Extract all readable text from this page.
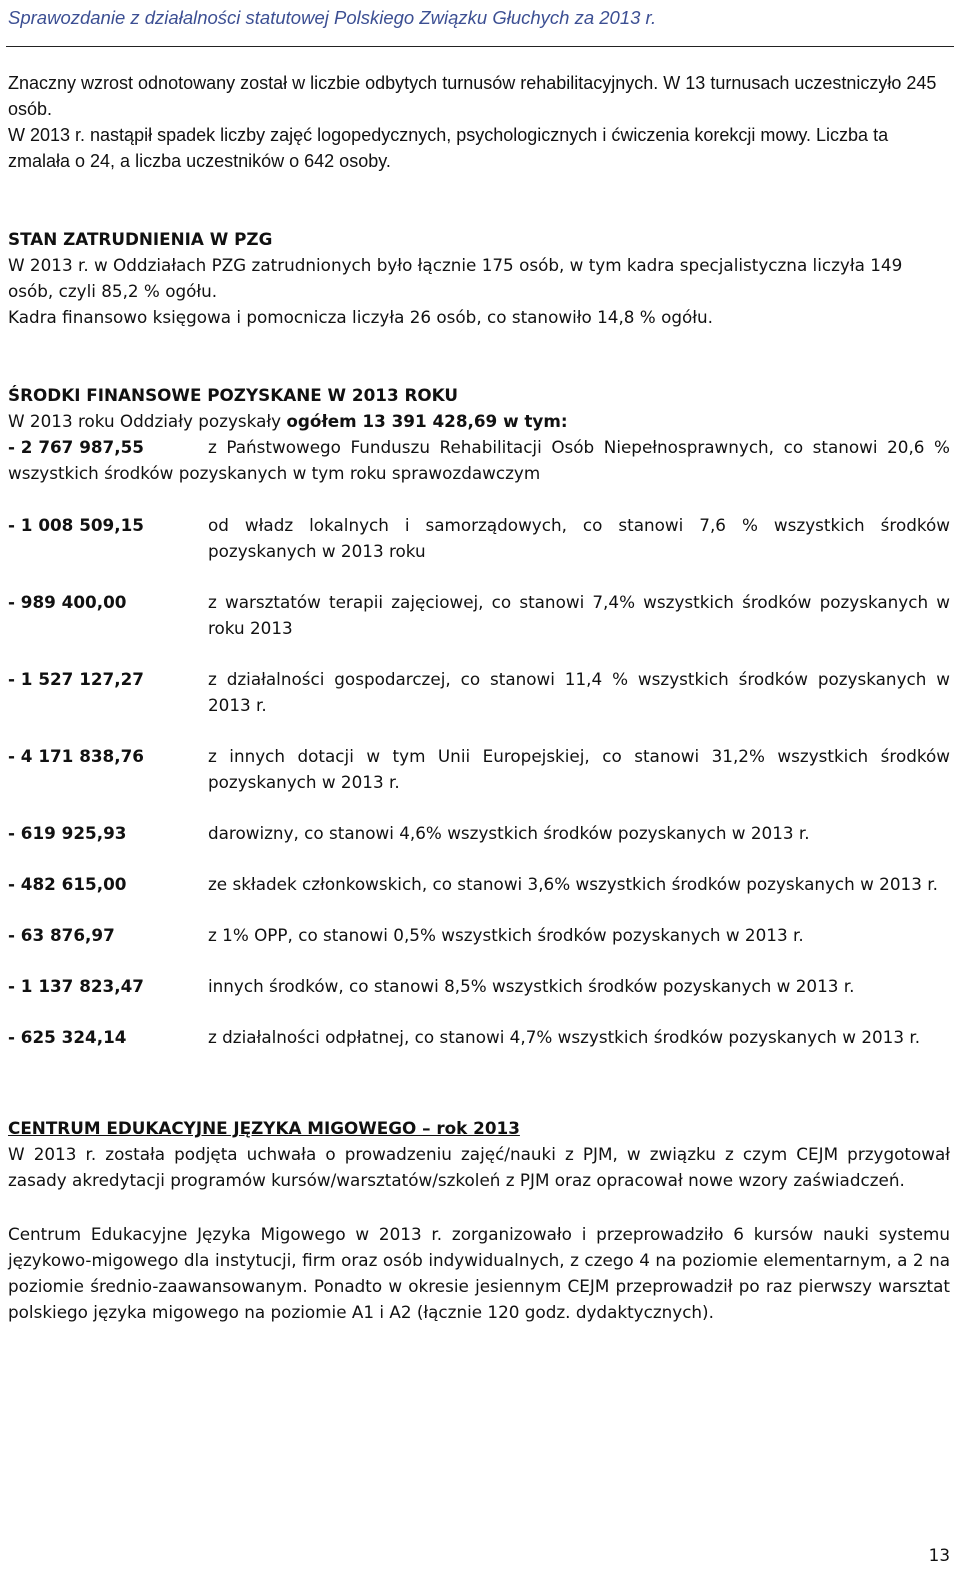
Sprawozdanie z działalności statutowej Polskiego Związku Głuchych za 2013 r.

Znaczny wzrost odnotowany został w liczbie odbytych turnusów rehabilitacyjnych. W 13 turnusach uczestniczyło 245 osób.

W 2013 r. nastąpił spadek liczby zajęć logopedycznych, psychologicznych i ćwiczenia korekcji mowy. Liczba ta zmalała o 24, a liczba uczestników o 642 osoby.

STAN ZATRUDNIENIA W PZG

W 2013 r. w Oddziałach PZG zatrudnionych było łącznie 175 osób, w tym kadra specjalistyczna liczyła 149 osób, czyli 85,2 % ogółu.

Kadra finansowo księgowa i pomocnicza liczyła 26 osób, co stanowiło 14,8 % ogółu.

ŚRODKI FINANSOWE POZYSKANE W 2013 ROKU

W 2013 roku Oddziały pozyskały ogółem 13 391 428,69 w tym:

- 2 767 987,55	z Państwowego Funduszu Rehabilitacji Osób Niepełnosprawnych, co stanowi 20,6 % wszystkich środków pozyskanych w tym roku sprawozdawczym
- 1 008 509,15	od władz lokalnych i samorządowych, co stanowi 7,6 % wszystkich środków pozyskanych w 2013 roku
- 989 400,00	z warsztatów terapii zajęciowej, co stanowi 7,4% wszystkich środków pozyskanych w roku 2013
- 1 527 127,27	z działalności gospodarczej, co stanowi 11,4 % wszystkich środków pozyskanych w 2013 r.
- 4 171 838,76	z innych dotacji w tym Unii Europejskiej, co stanowi 31,2% wszystkich środków pozyskanych w 2013 r.
- 619 925,93	darowizny, co stanowi 4,6% wszystkich środków pozyskanych w 2013 r.
- 482 615,00	ze składek członkowskich, co stanowi 3,6% wszystkich środków pozyskanych w 2013 r.
- 63 876,97	z 1% OPP, co stanowi 0,5% wszystkich środków pozyskanych w 2013 r.
- 1 137 823,47	innych środków, co stanowi 8,5% wszystkich środków pozyskanych w 2013 r.
- 625 324,14	z działalności odpłatnej, co stanowi 4,7% wszystkich środków pozyskanych w 2013 r.
CENTRUM EDUKACYJNE JĘZYKA MIGOWEGO – rok 2013

W 2013 r. została podjęta uchwała o prowadzeniu zajęć/nauki z PJM, w związku z czym CEJM przygotował zasady akredytacji programów kursów/warsztatów/szkoleń z PJM oraz opracował nowe wzory zaświadczeń.

Centrum Edukacyjne Języka Migowego w 2013 r. zorganizowało i przeprowadziło 6 kursów nauki systemu językowo-migowego dla instytucji, firm oraz osób indywidualnych, z czego 4 na poziomie elementarnym, a 2 na poziomie średnio-zaawansowanym. Ponadto w okresie jesiennym CEJM przeprowadził po raz pierwszy warsztat polskiego języka migowego na poziomie A1 i A2 (łącznie 120 godz. dydaktycznych).

13
